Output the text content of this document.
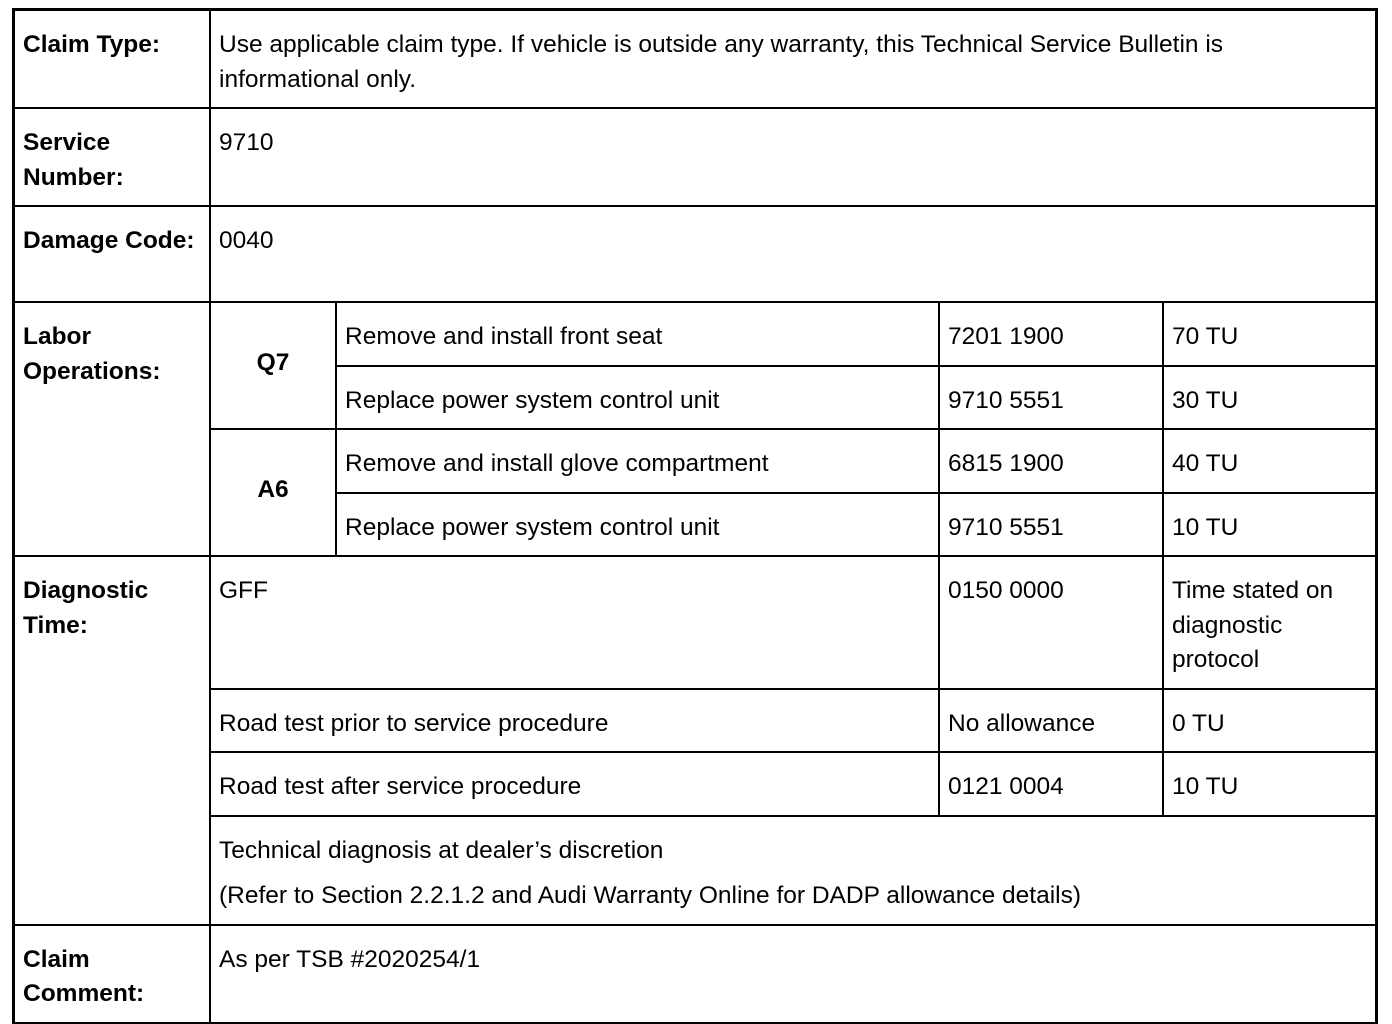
Claim Type:	Use applicable claim type. If vehicle is outside any warranty, this Technical Service Bulletin is informational only.			
Service Number:	9710			
Damage Code:	0040			
Labor Operations:	Q7	Remove and install front seat	7201 1900	70 TU
		Replace power system control unit	9710 5551	30 TU
	A6	Remove and install glove compartment	6815 1900	40 TU
		Replace power system control unit	9710 5551	10 TU
Diagnostic Time:	GFF		0150 0000	Time stated on diagnostic protocol
	Road test prior to service procedure		No allowance	0 TU
	Road test after service procedure		0121 0004	10 TU

	Technical diagnosis at dealer’s discretion
(Refer to Section 2.2.1.2 and Audi Warranty Online for DADP allowance details)			

Claim Comment:	As per TSB #2020254/1			
